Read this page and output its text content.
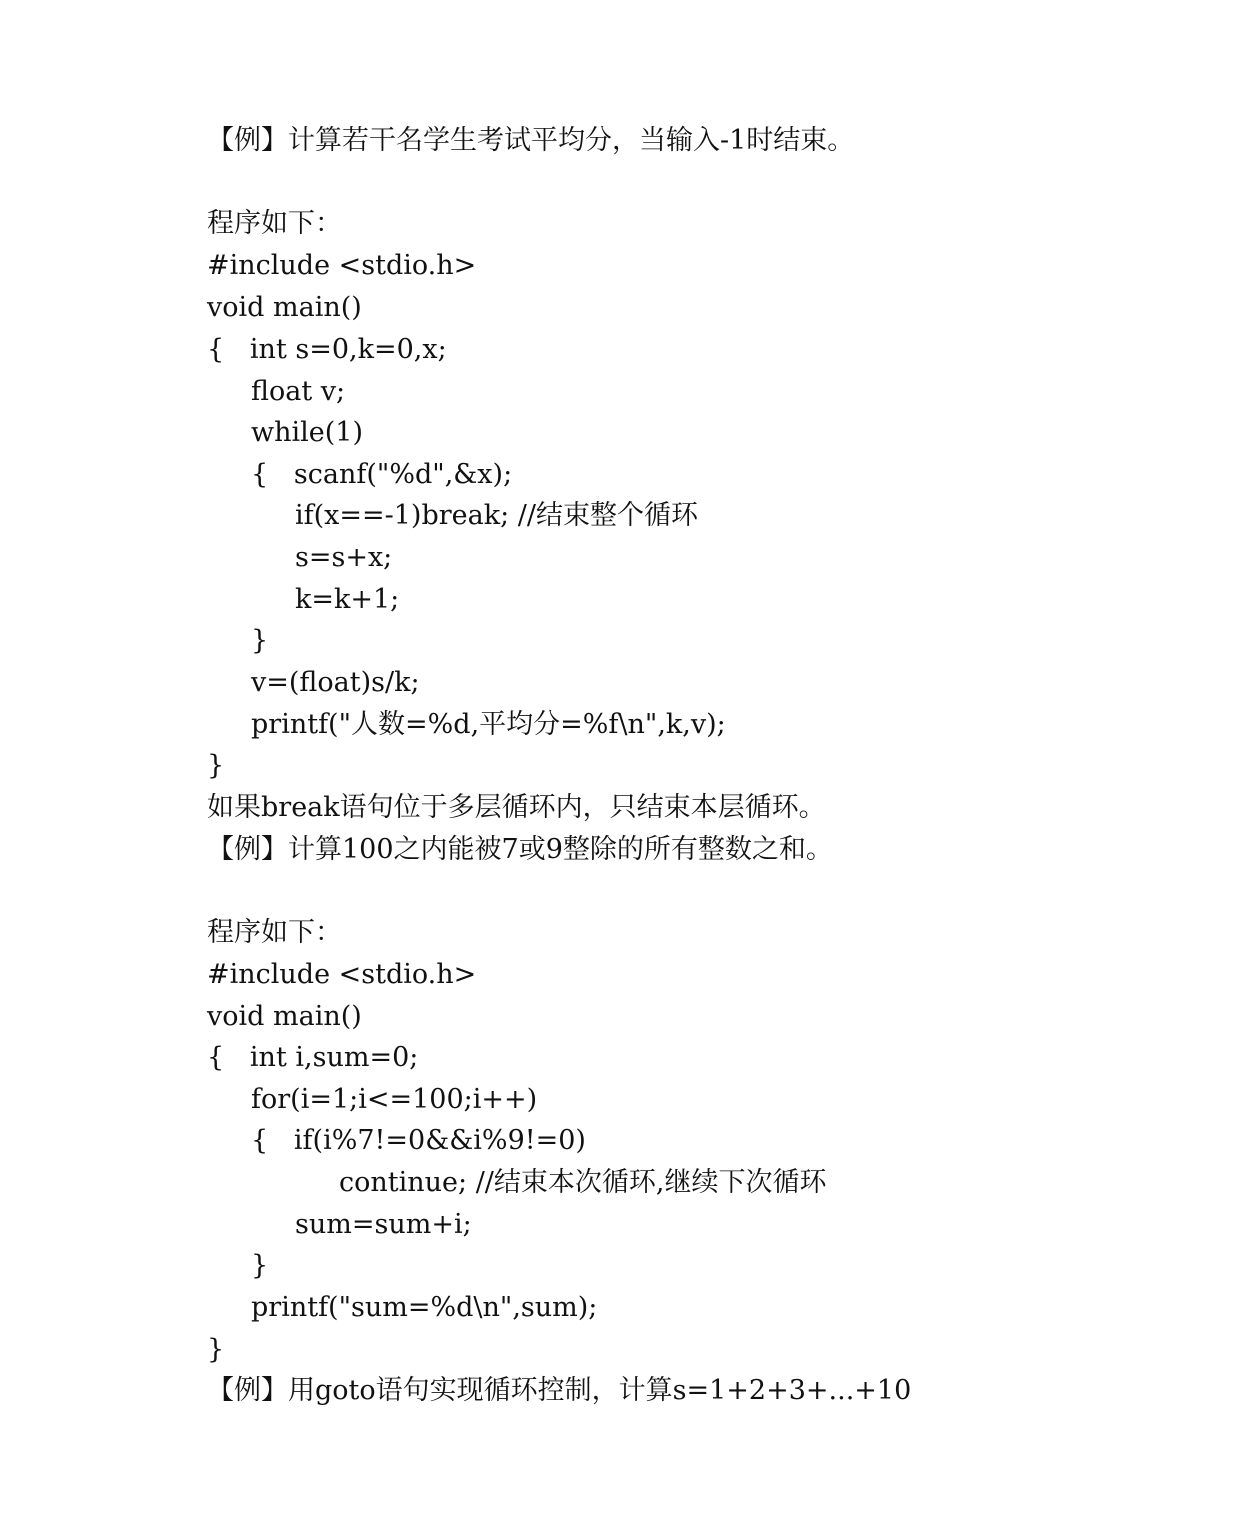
【例】计算若干名学生考试平均分，当输入-1时结束。
程序如下：
#include <stdio.h>
void main()
{   int s=0,k=0,x;
float v;
while(1)
{   scanf("%d",&x);
if(x==-1)break; //结束整个循环
s=s+x;
k=k+1;
}
v=(float)s/k;
printf("人数=%d,平均分=%f\n",k,v);
}
如果break语句位于多层循环内，只结束本层循环。
【例】计算100之内能被7或9整除的所有整数之和。
程序如下：
#include <stdio.h>
void main()
{   int i,sum=0;
for(i=1;i<=100;i++)
{   if(i%7!=0&&i%9!=0)
continue; //结束本次循环,继续下次循环
sum=sum+i;
}
printf("sum=%d\n",sum);
}
【例】用goto语句实现循环控制，计算s=1+2+3+...+10
